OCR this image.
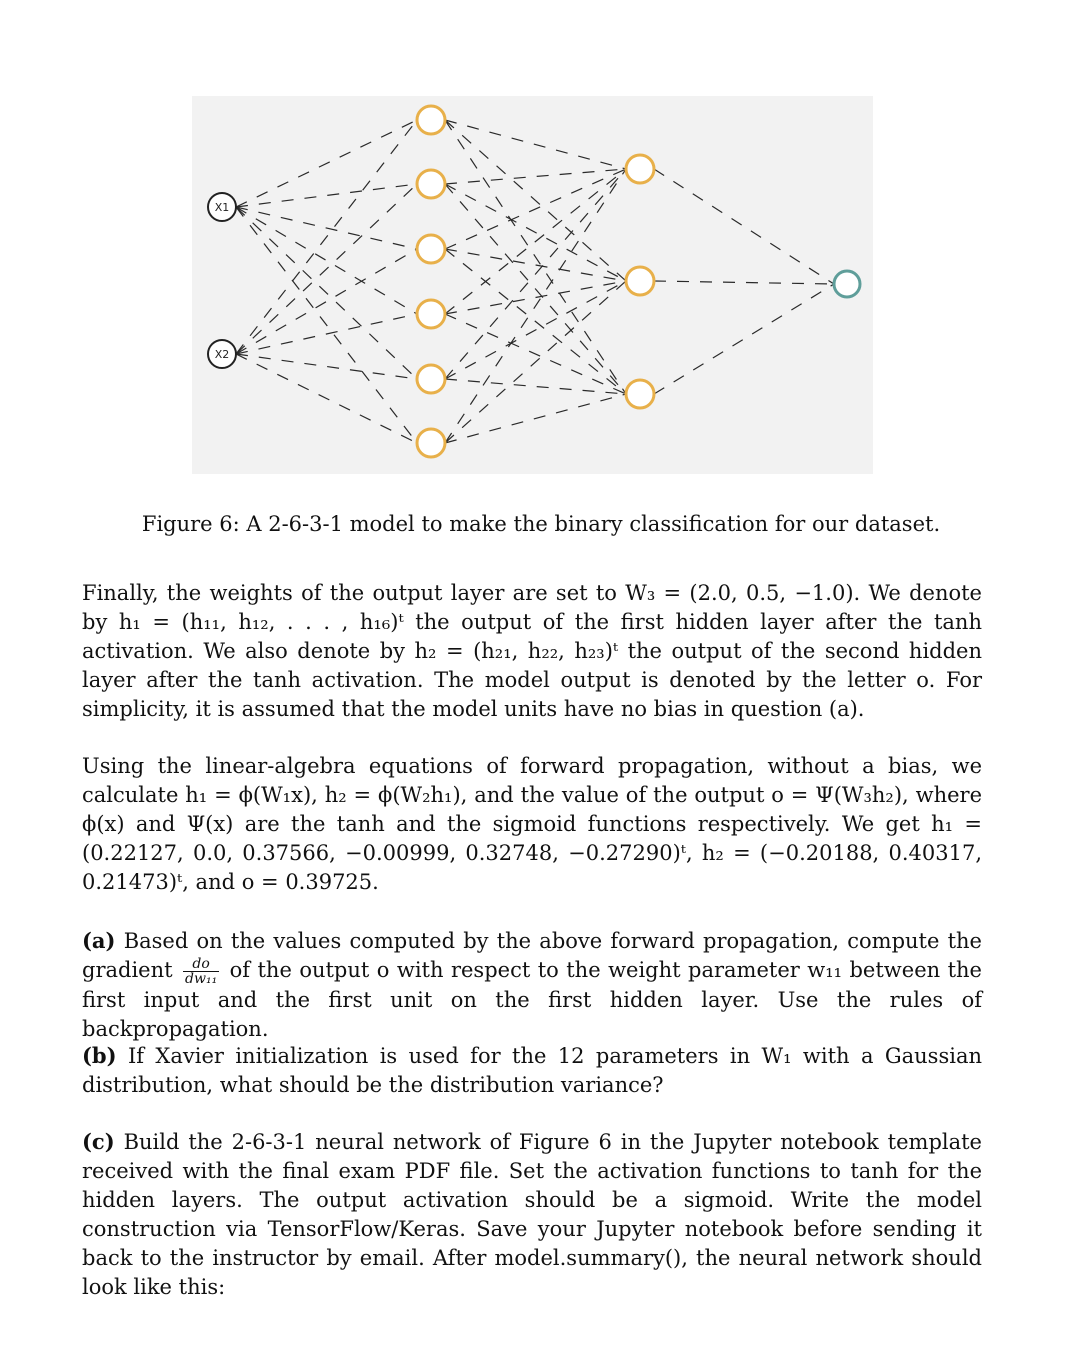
X1
X2
Figure 6: A 2-6-3-1 model to make the binary classification for our dataset.
Finally, the weights of the output layer are set to W₃ = (2.0, 0.5, −1.0). We denote by h₁ = (h₁₁, h₁₂, . . . , h₁₆)ᵗ the output of the first hidden layer after the tanh activation. We also denote by h₂ = (h₂₁, h₂₂, h₂₃)ᵗ the output of the second hidden layer after the tanh activation. The model output is denoted by the letter o. For simplicity, it is assumed that the model units have no bias in question (a).
Using the linear-algebra equations of forward propagation, without a bias, we calculate h₁ = ϕ(W₁x), h₂ = ϕ(W₂h₁), and the value of the output o = Ψ(W₃h₂), where ϕ(x) and Ψ(x) are the tanh and the sigmoid functions respectively. We get h₁ = (0.22127, 0.0, 0.37566, −0.00999, 0.32748, −0.27290)ᵗ, h₂ = (−0.20188, 0.40317, 0.21473)ᵗ, and o = 0.39725.
(a) Based on the values computed by the above forward propagation, compute the gradient $\frac{do}{\text{dw₁₁}}$ of the output o with respect to the weight parameter w₁₁ between the first input and the first unit on the first hidden layer. Use the rules of backpropagation.
(b) If Xavier initialization is used for the 12 parameters in W₁ with a Gaussian distribution, what should be the distribution variance?
(c) Build the 2-6-3-1 neural network of Figure 6 in the Jupyter notebook template received with the final exam PDF file. Set the activation functions to tanh for the hidden layers. The output activation should be a sigmoid. Write the model construction via TensorFlow/Keras. Save your Jupyter notebook before sending it back to the instructor by email. After model.summary(), the neural network should look like this:
